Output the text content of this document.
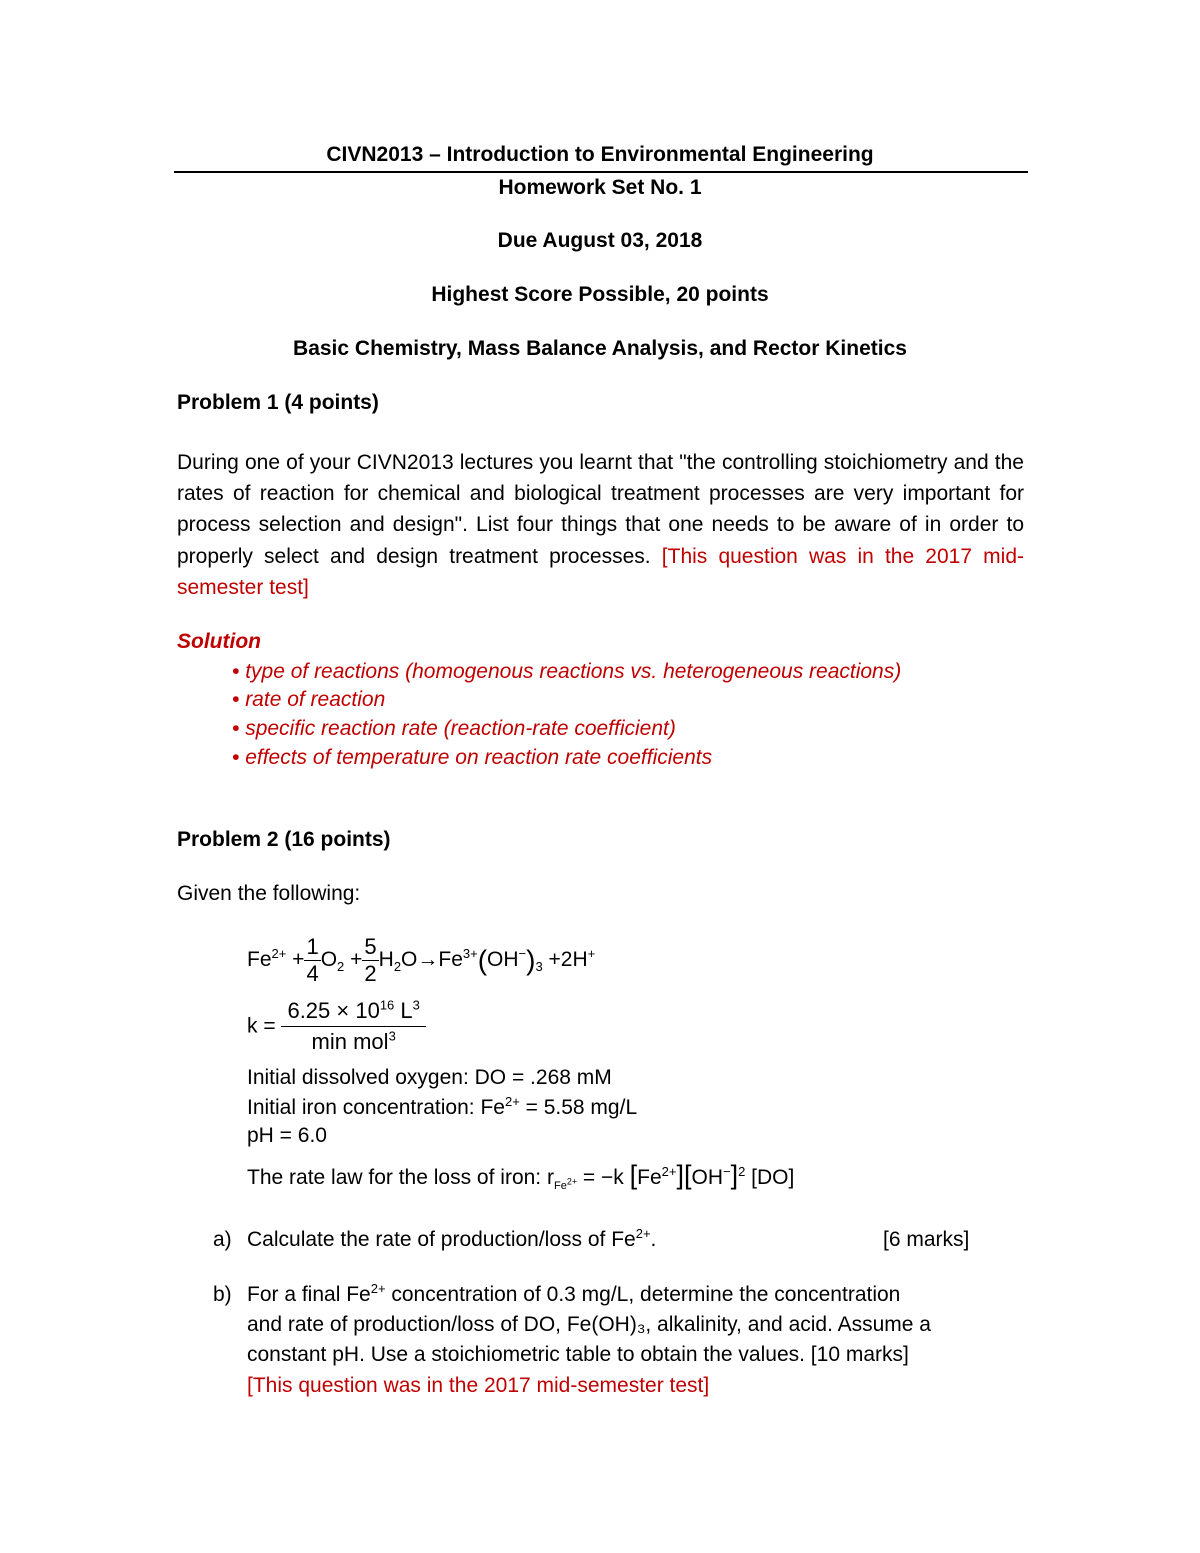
CIVN2013 – Introduction to Environmental Engineering
Homework Set No. 1
Due August 03, 2018
Highest Score Possible, 20 points
Basic Chemistry, Mass Balance Analysis, and Rector Kinetics
Problem 1 (4 points)
During one of your CIVN2013 lectures you learnt that "the controlling stoichiometry and the rates of reaction for chemical and biological treatment processes are very important for process selection and design". List four things that one needs to be aware of in order to properly select and design treatment processes. [This question was in the 2017 mid-semester test]
Solution
• type of reactions (homogenous reactions vs. heterogeneous reactions)
• rate of reaction
• specific reaction rate (reaction-rate coefficient)
• effects of temperature on reaction rate coefficients
Problem 2 (16 points)
Given the following:
$Fe^{2+} + \frac{1}{4} O_2 + \frac{5}{2} H_2O\to Fe^{3+}(OH^-)_3 +2H^+$
$k = \frac{6.25 \times 10^{16} L^3}{\min mol^3}$
Initial dissolved oxygen: DO = .268 mM
Initial iron concentration: $Fe^{2+} = 5.58$ mg/L
pH = 6.0
The rate law for the loss of iron: $r_{Fe^{2+}} = -k$ $[Fe^{2+}][OH^-]^2$ [DO]
a) Calculate the rate of production/loss of $Fe^{2+}$.	[6 marks]
b) For a final $Fe^{2+}$ concentration of 0.3 mg/L, determine the concentration
and rate of production/loss of DO, Fe(OH)₃, alkalinity, and acid. Assume a
constant pH. Use a stoichiometric table to obtain the values. [10 marks]
[This question was in the 2017 mid-semester test]
